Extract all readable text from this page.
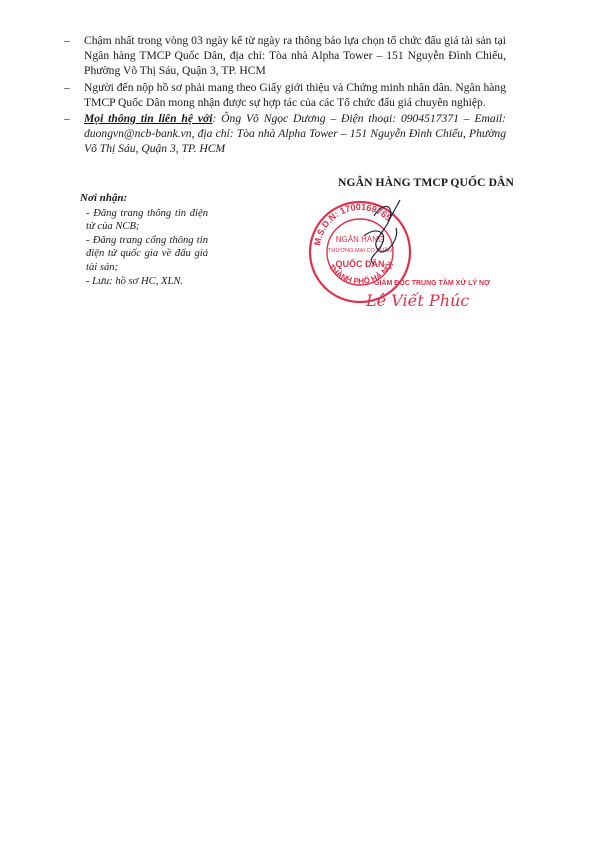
– Chậm nhất trong vòng 03 ngày kể từ ngày ra thông báo lựa chọn tổ chức đấu giá tài sản tại Ngân hàng TMCP Quốc Dân, địa chỉ: Tòa nhà Alpha Tower – 151 Nguyễn Đình Chiểu, Phường Võ Thị Sáu, Quận 3, TP. HCM
– Người đến nộp hồ sơ phải mang theo Giấy giới thiệu và Chứng minh nhân dân. Ngân hàng TMCP Quốc Dân mong nhận được sự hợp tác của các Tổ chức đấu giá chuyên nghiệp.
– Mọi thông tin liên hệ với: Ông Võ Ngọc Dương – Điện thoại: 0904517371 – Email: duongvn@ncb-bank.vn, địa chỉ: Tòa nhà Alpha Tower – 151 Nguyễn Đình Chiểu, Phường Võ Thị Sáu, Quận 3, TP. HCM
NGÂN HÀNG TMCP QUỐC DÂN
Nơi nhận:
- Đăng trang thông tin điện tử của NCB;
- Đăng trang cổng thông tin điện tử quốc gia về đấu giá tài sản;
- Lưu: hồ sơ HC, XLN.
M.S.D.N: 1700169765
THÀNH PHỐ HÀ NỘI
NGÂN HÀNG
THƯƠNG MẠI CỔ PHẦN
QUỐC DÂN
GIÁM ĐỐC TRUNG TÂM XỬ LÝ NỢ
Lê Viết Phúc
